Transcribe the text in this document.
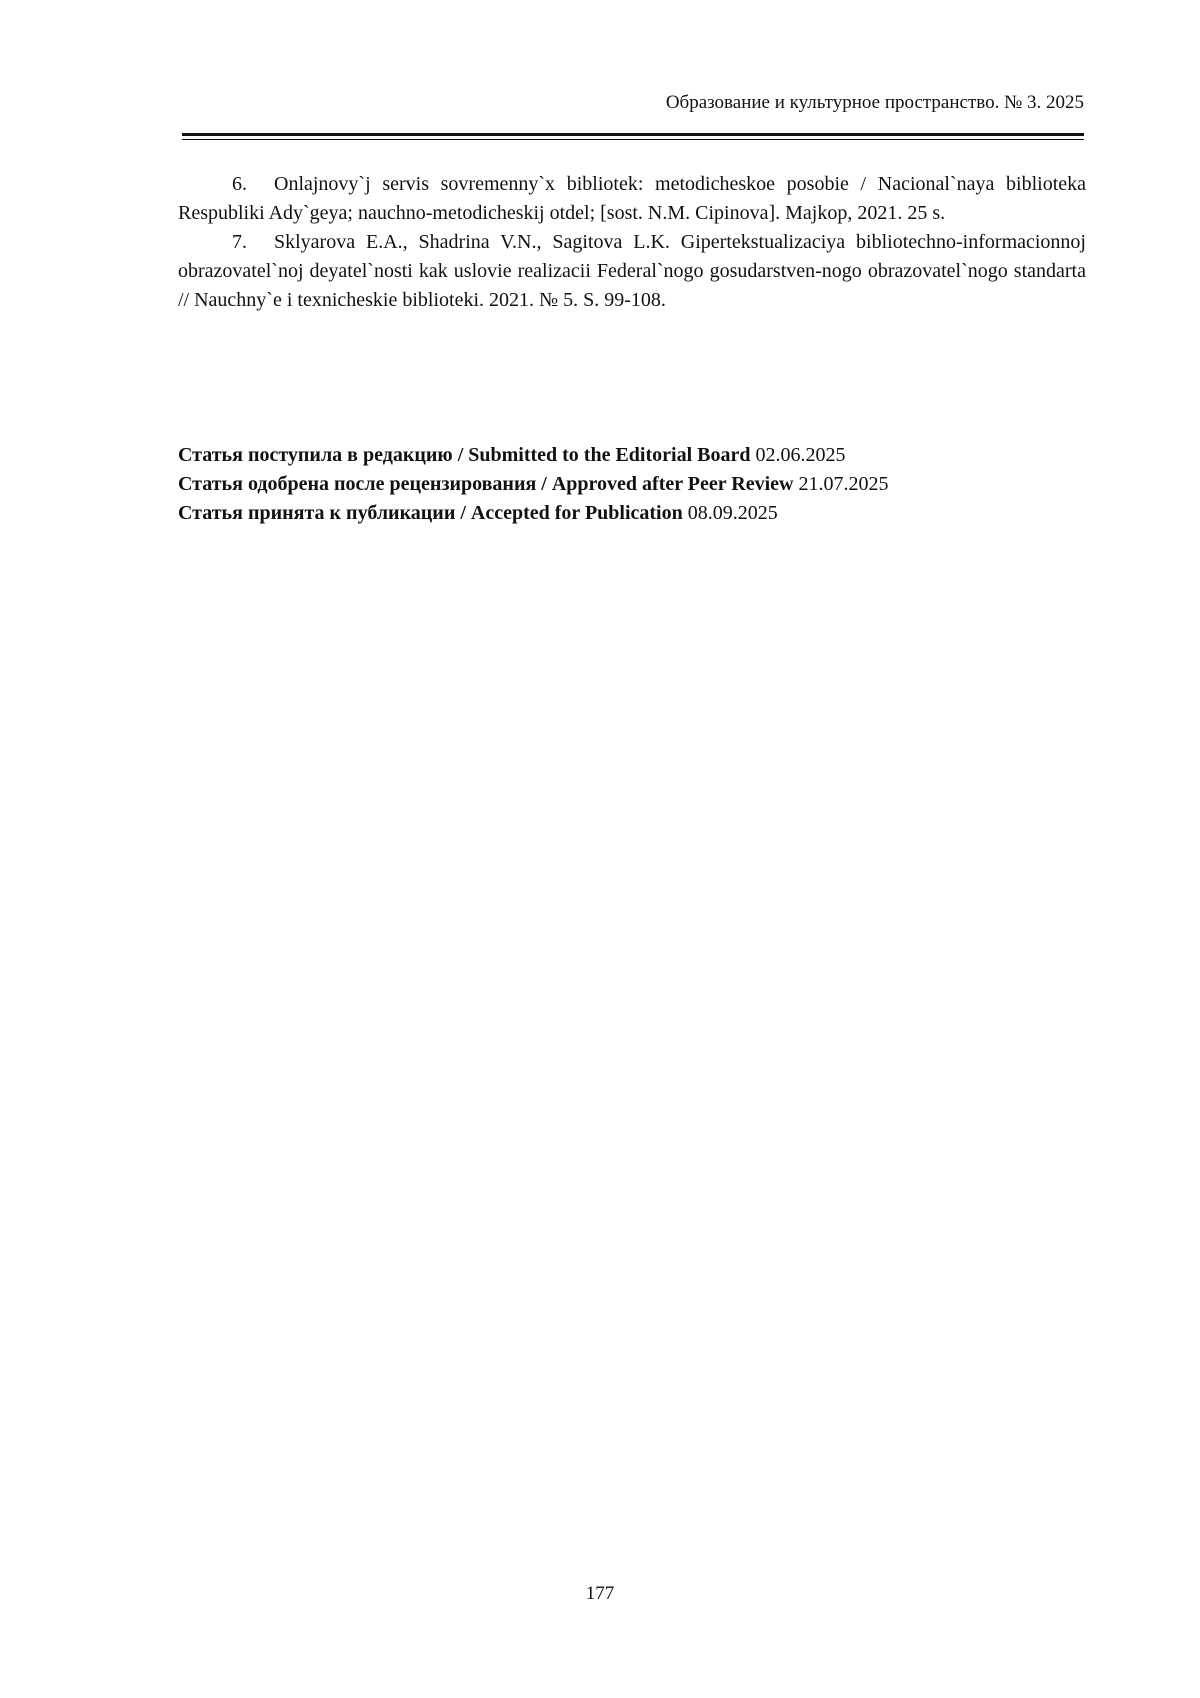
Образование и культурное пространство. № 3. 2025

6. Onlajnovy`j servis sovremenny`x bibliotek: metodicheskoe posobie / Nacional`naya biblioteka Respubliki Ady`geya; nauchno-metodicheskij otdel; [sost. N.M. Cipinova]. Majkop, 2021. 25 s.

7. Sklyarova E.A., Shadrina V.N., Sagitova L.K. Gipertekstualizaciya bibliotechno-informacionnoj obrazovatel`noj deyatel`nosti kak uslovie realizacii Federal`nogo gosudarstven-nogo obrazovatel`nogo standarta // Nauchny`e i texnicheskie biblioteki. 2021. № 5. S. 99-108.

Статья поступила в редакцию / Submitted to the Editorial Board 02.06.2025

Статья одобрена после рецензирования / Approved after Peer Review 21.07.2025

Статья принята к публикации / Accepted for Publication 08.09.2025

177
